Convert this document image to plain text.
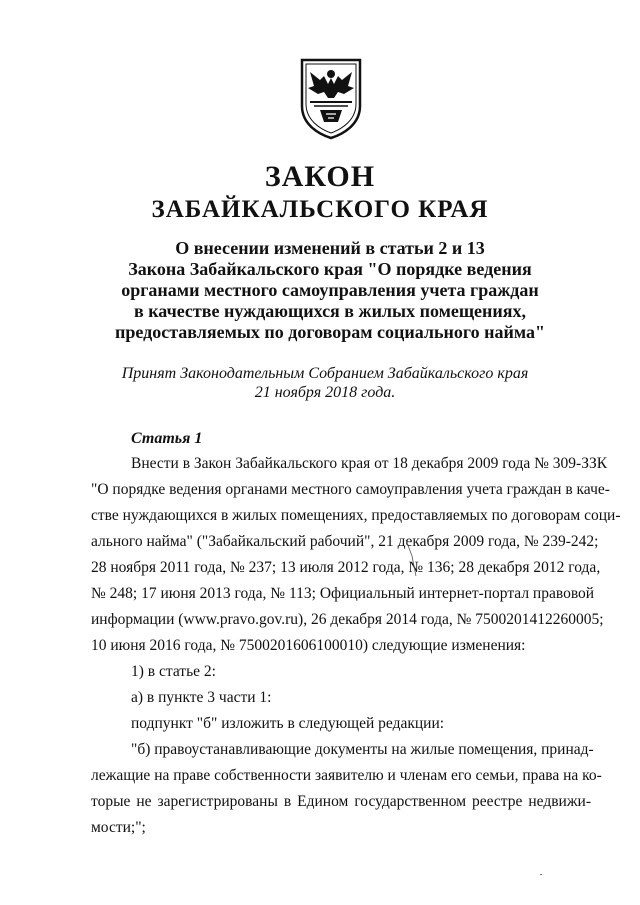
ЗАКОН
ЗАБАЙКАЛЬСКОГО КРАЯ
О внесении изменений в статьи 2 и 13
Закона Забайкальского края "О порядке ведения
органами местного самоуправления учета граждан
в качестве нуждающихся в жилых помещениях,
предоставляемых по договорам социального найма"
Принят Законодательным Собранием Забайкальского края
21 ноября 2018 года.
Статья 1
Внести в Закон Забайкальского края от 18 декабря 2009 года № 309-ЗЗК
"О порядке ведения органами местного самоуправления учета граждан в каче-
стве нуждающихся в жилых помещениях, предоставляемых по договорам соци-
ального найма" ("Забайкальский рабочий", 21 декабря 2009 года, № 239-242;
28 ноября 2011 года, № 237; 13 июля 2012 года, № 136; 28 декабря 2012 года,
№ 248; 17 июня 2013 года, № 113; Официальный интернет-портал правовой
информации (www.pravo.gov.ru), 26 декабря 2014 года, № 7500201412260005;
10 июня 2016 года, № 7500201606100010) следующие изменения:
1) в статье 2:
а) в пункте 3 части 1:
подпункт "б" изложить в следующей редакции:
"б) правоустанавливающие документы на жилые помещения, принад-
лежащие на праве собственности заявителю и членам его семьи, права на ко-
торые не зарегистрированы в Едином государственном реестре недвижи-
мости;";
